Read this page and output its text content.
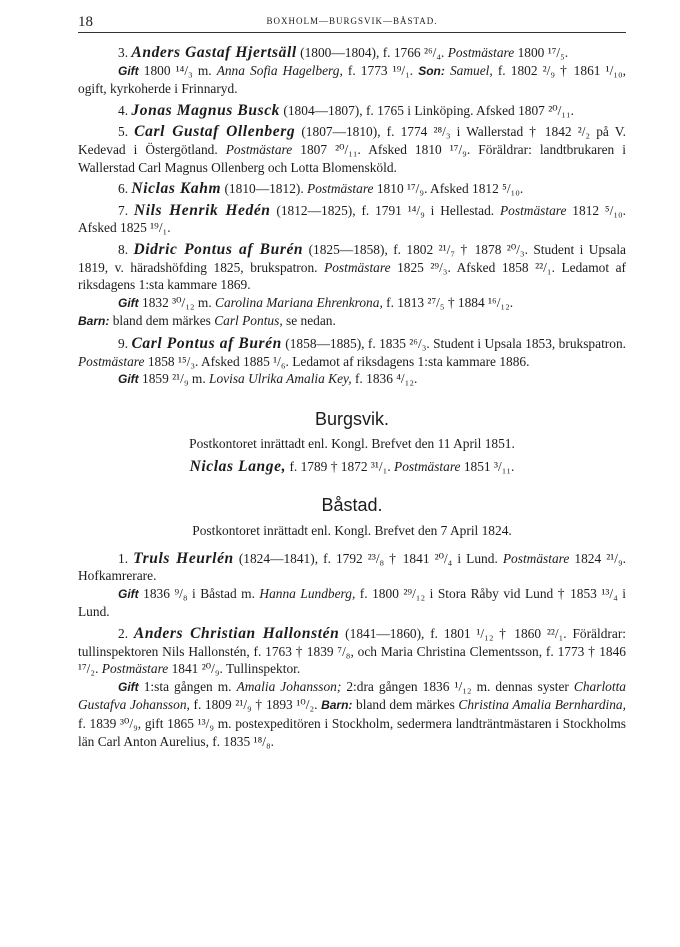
18	BOXHOLM—BURGSVIK—BÅSTAD.

3. Anders Gastaf Hjertsäll (1800—1804), f. 1766 ²⁶/₄. Postmästare 1800 ¹⁷/₅.

Gift 1800 ¹⁴/₃ m. Anna Sofia Hagelberg, f. 1773 ¹⁹/₁. Son: Samuel, f. 1802 ²/₉ † 1861 ¹/₁₀, ogift, kyrkoherde i Frinnaryd.

4. Jonas Magnus Busck (1804—1807), f. 1765 i Linköping. Afsked 1807 ²⁰/₁₁.

5. Carl Gustaf Ollenberg (1807—1810), f. 1774 ²⁸/₃ i Wallerstad † 1842 ²/₂ på V. Kedevad i Östergötland. Postmästare 1807 ²⁰/₁₁. Afsked 1810 ¹⁷/₉. Föräldrar: landtbrukaren i Wallerstad Carl Magnus Ollenberg och Lotta Blomensköld.

6. Niclas Kahm (1810—1812). Postmästare 1810 ¹⁷/₉. Afsked 1812 ⁵/₁₀.

7. Nils Henrik Hedén (1812—1825), f. 1791 ¹⁴/₉ i Hellestad. Postmästare 1812 ⁵/₁₀. Afsked 1825 ¹⁹/₁.

8. Didric Pontus af Burén (1825—1858), f. 1802 ²¹/₇ † 1878 ²⁰/₃. Student i Upsala 1819, v. häradshöfding 1825, brukspatron. Postmästare 1825 ²⁹/₃. Afsked 1858 ²²/₁. Ledamot af riksdagens 1:sta kammare 1869.

Gift 1832 ³⁰/₁₂ m. Carolina Mariana Ehrenkrona, f. 1813 ²⁷/₅ † 1884 ¹⁶/₁₂.

Barn: bland dem märkes Carl Pontus, se nedan.

9. Carl Pontus af Burén (1858—1885), f. 1835 ²⁶/₃. Student i Upsala 1853, brukspatron. Postmästare 1858 ¹⁵/₃. Afsked 1885 ¹/₆. Ledamot af riksdagens 1:sta kammare 1886.

Gift 1859 ²¹/₉ m. Lovisa Ulrika Amalia Key, f. 1836 ⁴/₁₂.

Burgsvik.

Postkontoret inrättadt enl. Kongl. Brefvet den 11 April 1851.

Niclas Lange, f. 1789 † 1872 ³¹/₁. Postmästare 1851 ³/₁₁.

Båstad.

Postkontoret inrättadt enl. Kongl. Brefvet den 7 April 1824.

1. Truls Heurlén (1824—1841), f. 1792 ²³/₈ † 1841 ²⁰/₄ i Lund. Postmästare 1824 ²¹/₉. Hofkamrerare.

Gift 1836 ⁹/₈ i Båstad m. Hanna Lundberg, f. 1800 ²⁹/₁₂ i Stora Råby vid Lund † 1853 ¹³/₄ i Lund.

2. Anders Christian Hallonstén (1841—1860), f. 1801 ¹/₁₂ † 1860 ²²/₁. Föräldrar: tullinspektoren Nils Hallonstén, f. 1763 † 1839 ⁷/₈, och Maria Christina Clementsson, f. 1773 † 1846 ¹⁷/₂. Postmästare 1841 ²⁰/₉. Tullinspektor.

Gift 1:sta gången m. Amalia Johansson; 2:dra gången 1836 ¹/₁₂ m. dennas syster Charlotta Gustafva Johansson, f. 1809 ²¹/₉ † 1893 ¹⁰/₂. Barn: bland dem märkes Christina Amalia Bernhardina, f. 1839 ³⁰/₉, gift 1865 ¹³/₉ m. postexpeditören i Stockholm, sedermera landträntmästaren i Stockholms län Carl Anton Aurelius, f. 1835 ¹⁸/₈.
